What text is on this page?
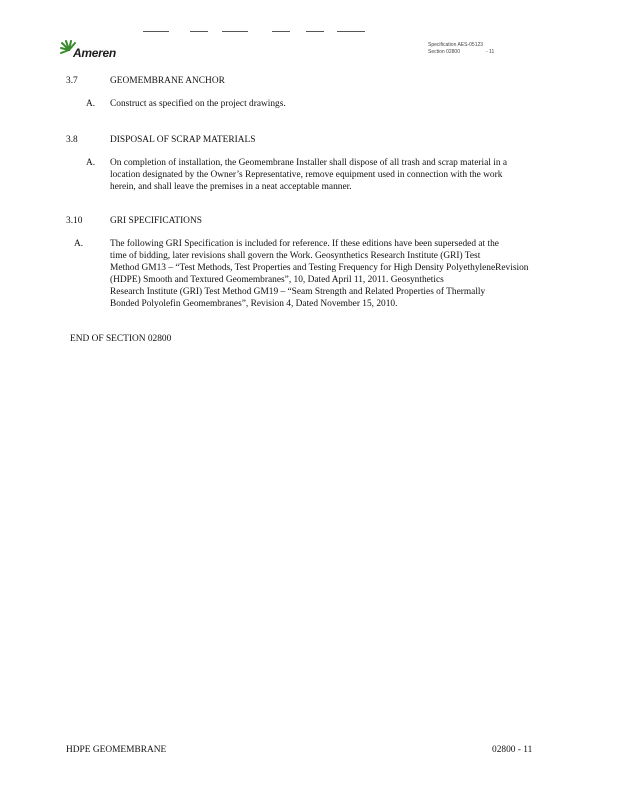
Ameren
Specification AES-05123
Section 02800	- 11
3.7	GEOMEMBRANE ANCHOR
A. Construct as specified on the project drawings.
3.8	DISPOSAL OF SCRAP MATERIALS
A. On completion of installation, the Geomembrane Installer shall dispose of all trash and scrap material in a
location designated by the Owner’s Representative, remove equipment used in connection with the work
herein, and shall leave the premises in a neat acceptable manner.
3.10	GRI SPECIFICATIONS
A.	The following GRI Specification is included for reference. If these editions have been superseded at the
time of bidding, later revisions shall govern the Work. Geosynthetics Research Institute (GRI) Test
Method GM13 – “Test Methods, Test Properties and Testing Frequency for High Density PolyethyleneRevision
(HDPE) Smooth and Textured Geomembranes”, 10, Dated April 11, 2011. Geosynthetics
Research Institute (GRI) Test Method GM19 – “Seam Strength and Related Properties of Thermally
Bonded Polyolefin Geomembranes”, Revision 4, Dated November 15, 2010.
END OF SECTION 02800
HDPE GEOMEMBRANE	02800 - 11
